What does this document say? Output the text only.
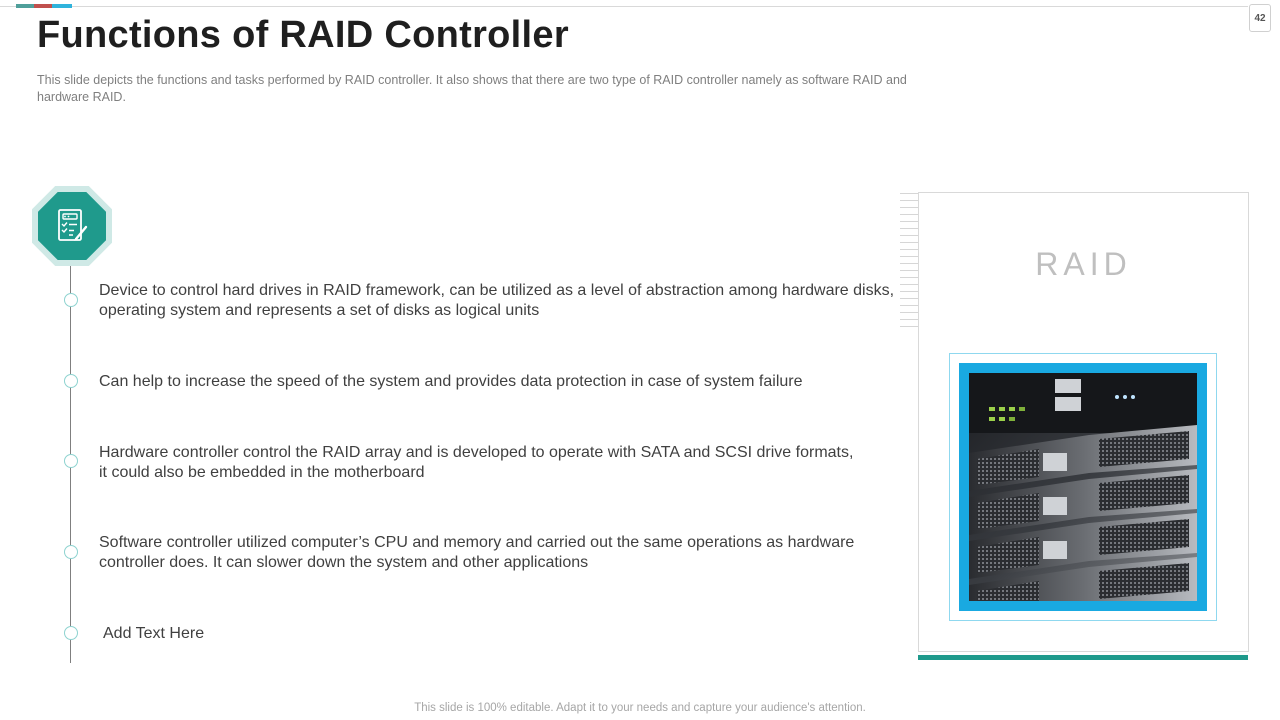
42
Functions of RAID Controller

This slide depicts the functions and tasks performed by RAID controller. It also shows that there are two type of RAID controller namely as software RAID and hardware RAID.

Device to control hard drives in RAID framework, can be utilized as a level of abstraction among hardware disks, operating system and represents a set of disks as logical units
Can help to increase the speed of the system and provides data protection in case of system failure
Hardware controller control the RAID array and is developed to operate with SATA and SCSI drive formats, it could also be embedded in the motherboard
Software controller utilized computer’s CPU and memory and carried out the same operations as hardware controller does. It can slower down the system and other applications
Add Text Here
RAID
This slide is 100% editable. Adapt it to your needs and capture your audience's attention.
